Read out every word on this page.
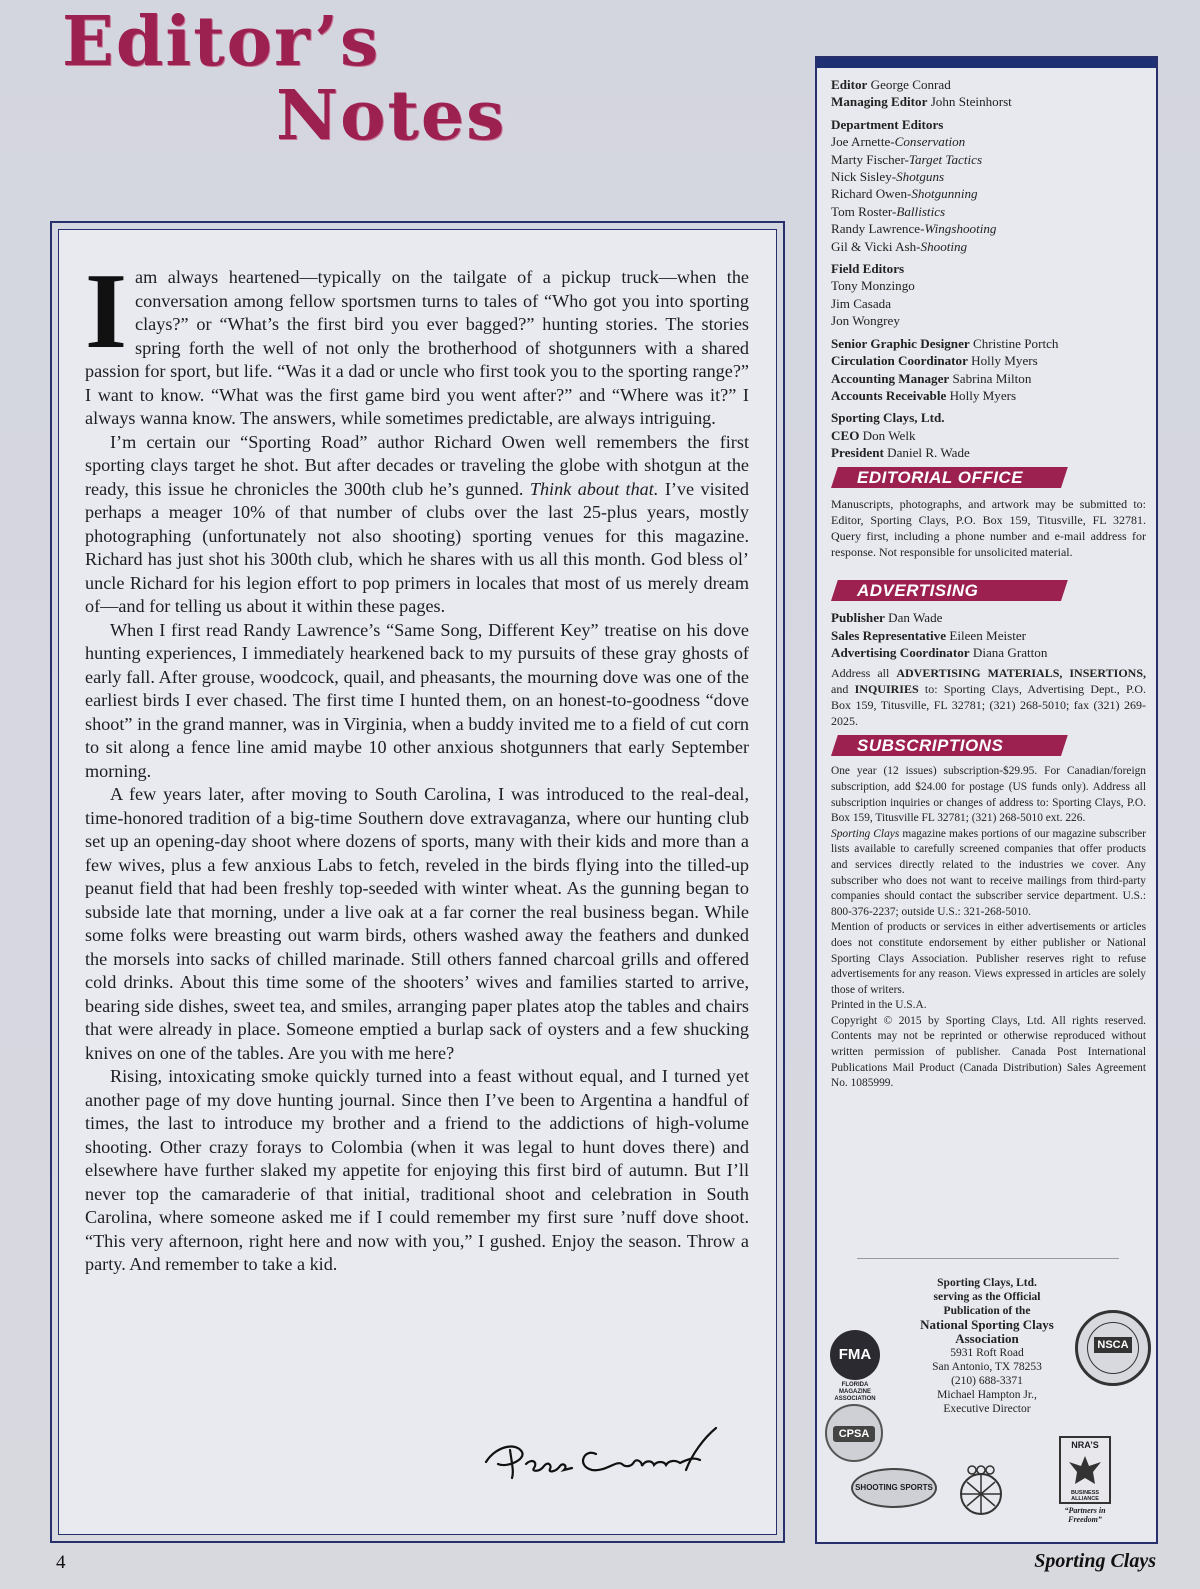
Editor’s
Notes

Iam always heartened—typically on the tailgate of a pickup truck—when the conversation among fellow sportsmen turns to tales of “Who got you into sporting clays?” or “What’s the first bird you ever bagged?” hunting stories. The stories spring forth the well of not only the brotherhood of shotgunners with a shared passion for sport, but life. “Was it a dad or uncle who first took you to the sporting range?” I want to know. “What was the first game bird you went after?” and “Where was it?” I always wanna know. The answers, while sometimes predictable, are always intriguing.

I’m certain our “Sporting Road” author Richard Owen well remembers the first sporting clays target he shot. But after decades or traveling the globe with shotgun at the ready, this issue he chronicles the 300th club he’s gunned. Think about that. I’ve visited perhaps a meager 10% of that number of clubs over the last 25-plus years, mostly photographing (unfortunately not also shooting) sporting venues for this magazine. Richard has just shot his 300th club, which he shares with us all this month. God bless ol’ uncle Richard for his legion effort to pop primers in locales that most of us merely dream of—and for telling us about it within these pages.

When I first read Randy Lawrence’s “Same Song, Different Key” treatise on his dove hunting experiences, I immediately hearkened back to my pursuits of these gray ghosts of early fall. After grouse, woodcock, quail, and pheasants, the mourning dove was one of the earliest birds I ever chased. The first time I hunted them, on an honest-to-goodness “dove shoot” in the grand manner, was in Virginia, when a buddy invited me to a field of cut corn to sit along a fence line amid maybe 10 other anxious shotgunners that early September morning.

A few years later, after moving to South Carolina, I was introduced to the real-deal, time-honored tradition of a big-time Southern dove extravaganza, where our hunting club set up an opening-day shoot where dozens of sports, many with their kids and more than a few wives, plus a few anxious Labs to fetch, reveled in the birds flying into the tilled-up peanut field that had been freshly top-seeded with winter wheat. As the gunning began to subside late that morning, under a live oak at a far corner the real business began. While some folks were breasting out warm birds, others washed away the feathers and dunked the morsels into sacks of chilled marinade. Still others fanned charcoal grills and offered cold drinks. About this time some of the shooters’ wives and families started to arrive, bearing side dishes, sweet tea, and smiles, arranging paper plates atop the tables and chairs that were already in place. Someone emptied a burlap sack of oysters and a few shucking knives on one of the tables. Are you with me here?

Rising, intoxicating smoke quickly turned into a feast without equal, and I turned yet another page of my dove hunting journal. Since then I’ve been to Argentina a handful of times, the last to introduce my brother and a friend to the addictions of high-volume shooting. Other crazy forays to Colombia (when it was legal to hunt doves there) and elsewhere have further slaked my appetite for enjoying this first bird of autumn. But I’ll never top the camaraderie of that initial, traditional shoot and celebration in South Carolina, where someone asked me if I could remember my first sure ’nuff dove shoot. “This very afternoon, right here and now with you,” I gushed. Enjoy the season. Throw a party. And remember to take a kid.

Editor George Conrad
Managing Editor John Steinhorst
Department Editors
Joe Arnette-Conservation
Marty Fischer-Target Tactics
Nick Sisley-Shotguns
Richard Owen-Shotgunning
Tom Roster-Ballistics
Randy Lawrence-Wingshooting
Gil & Vicki Ash-Shooting
Field Editors
Tony Monzingo
Jim Casada
Jon Wongrey
Senior Graphic Designer Christine Portch
Circulation Coordinator Holly Myers
Accounting Manager Sabrina Milton
Accounts Receivable Holly Myers
Sporting Clays, Ltd.
CEO Don Welk
President Daniel R. Wade
EDITORIAL OFFICE
Manuscripts, photographs, and artwork may be submitted to: Editor, Sporting Clays, P.O. Box 159, Titusville, FL 32781. Query first, including a phone number and e-mail address for response. Not responsible for unsolicited material.
ADVERTISING
Publisher Dan Wade
Sales Representative Eileen Meister
Advertising Coordinator Diana Gratton
Address all ADVERTISING MATERIALS, INSERTIONS, and INQUIRIES to: Sporting Clays, Advertising Dept., P.O. Box 159, Titusville, FL 32781; (321) 268-5010; fax (321) 269-2025.
SUBSCRIPTIONS

One year (12 issues) subscription-$29.95. For Canadian/foreign subscription, add $24.00 for postage (US funds only). Address all subscription inquiries or changes of address to: Sporting Clays, P.O. Box 159, Titusville FL 32781; (321) 268-5010 ext. 226.

Sporting Clays magazine makes portions of our magazine subscriber lists available to carefully screened companies that offer products and services directly related to the industries we cover. Any subscriber who does not want to receive mailings from third-party companies should contact the subscriber service department. U.S.: 800-376-2237; outside U.S.: 321-268-5010.

Mention of products or services in either advertisements or articles does not constitute endorsement by either publisher or National Sporting Clays Association. Publisher reserves right to refuse advertisements for any reason. Views expressed in articles are solely those of writers.

Printed in the U.S.A.

Copyright © 2015 by Sporting Clays, Ltd. All rights reserved. Contents may not be reprinted or otherwise reproduced without written permission of publisher. Canada Post International Publications Mail Product (Canada Distribution) Sales Agreement No. 1085999.

Sporting Clays, Ltd.
serving as the Official
Publication of the
National Sporting Clays
Association
5931 Roft Road
San Antonio, TX 78253
(210) 688-3371
Michael Hampton Jr.,
Executive Director
FMA
FLORIDA MAGAZINE ASSOCIATION
CPSA
NSCA
NRA’S
BUSINESS ALLIANCE
“Partners in Freedom”
SHOOTING SPORTS
4	Sporting Clays
